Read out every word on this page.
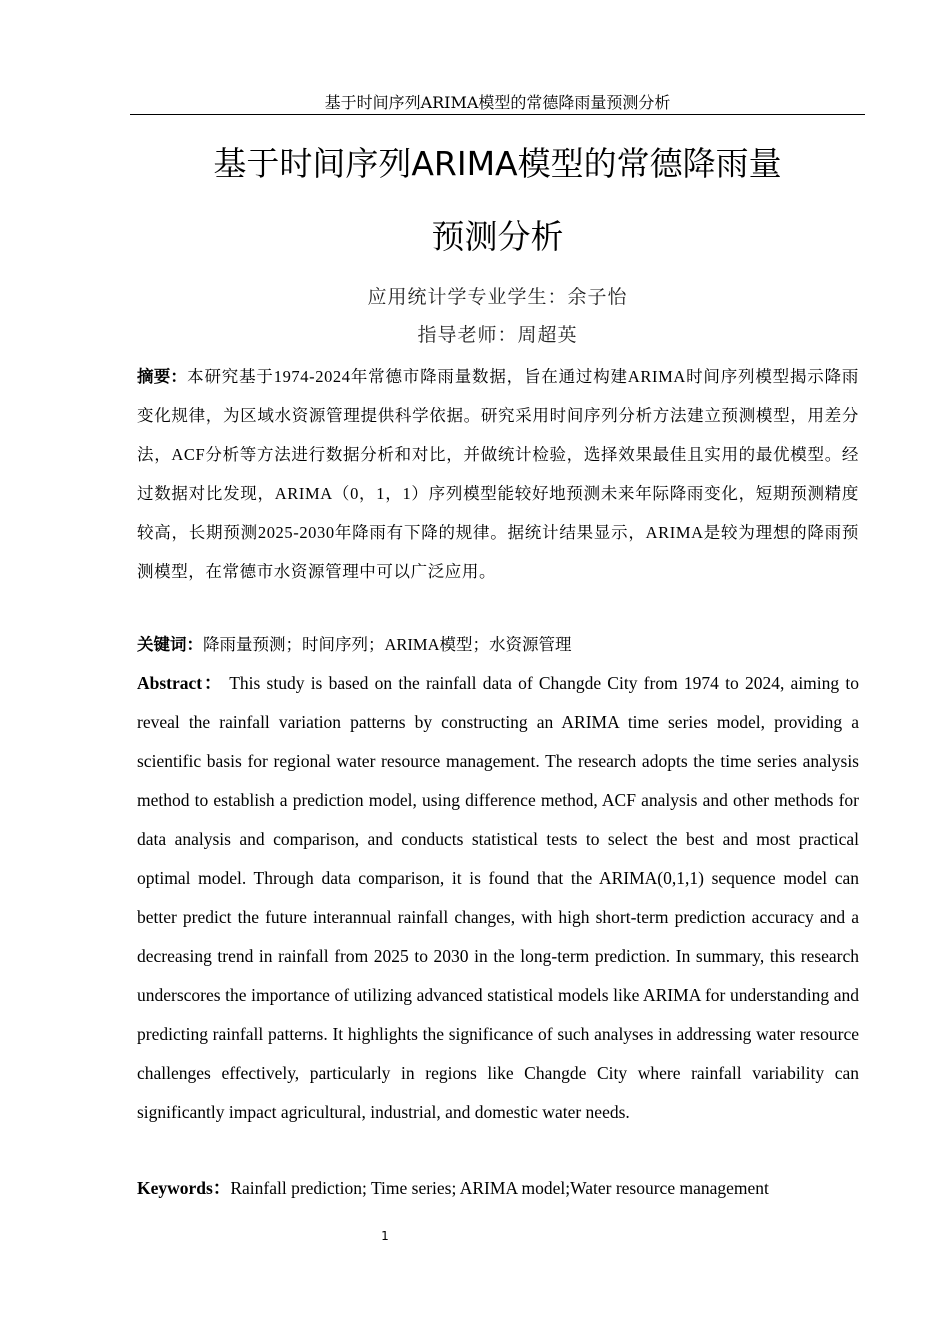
基于时间序列ARIMA模型的常德降雨量预测分析
基于时间序列ARIMA模型的常德降雨量
预测分析
应用统计学专业学生：余子怡
指导老师：周超英
摘要：本研究基于1974-2024年常德市降雨量数据，旨在通过构建ARIMA时间序列模型揭示降雨变化规律，为区域水资源管理提供科学依据。研究采用时间序列分析方法建立预测模型，用差分法，ACF分析等方法进行数据分析和对比，并做统计检验，选择效果最佳且实用的最优模型。经过数据对比发现，ARIMA（0，1，1）序列模型能较好地预测未来年际降雨变化，短期预测精度较高，长期预测2025-2030年降雨有下降的规律。据统计结果显示，ARIMA是较为理想的降雨预测模型，在常德市水资源管理中可以广泛应用。
关键词：降雨量预测；时间序列；ARIMA模型；水资源管理
Abstract： This study is based on the rainfall data of Changde City from 1974 to 2024, aiming to reveal the rainfall variation patterns by constructing an ARIMA time series model, providing a scientific basis for regional water resource management. The research adopts the time series analysis method to establish a prediction model, using difference method, ACF analysis and other methods for data analysis and comparison, and conducts statistical tests to select the best and most practical optimal model. Through data comparison, it is found that the ARIMA(0,1,1) sequence model can better predict the future interannual rainfall changes, with high short-term prediction accuracy and a decreasing trend in rainfall from 2025 to 2030 in the long-term prediction. In summary, this research underscores the importance of utilizing advanced statistical models like ARIMA for understanding and predicting rainfall patterns. It highlights the significance of such analyses in addressing water resource challenges effectively, particularly in regions like Changde City where rainfall variability can significantly impact agricultural, industrial, and domestic water needs.
Keywords：Rainfall prediction; Time series; ARIMA model;Water resource management
1
